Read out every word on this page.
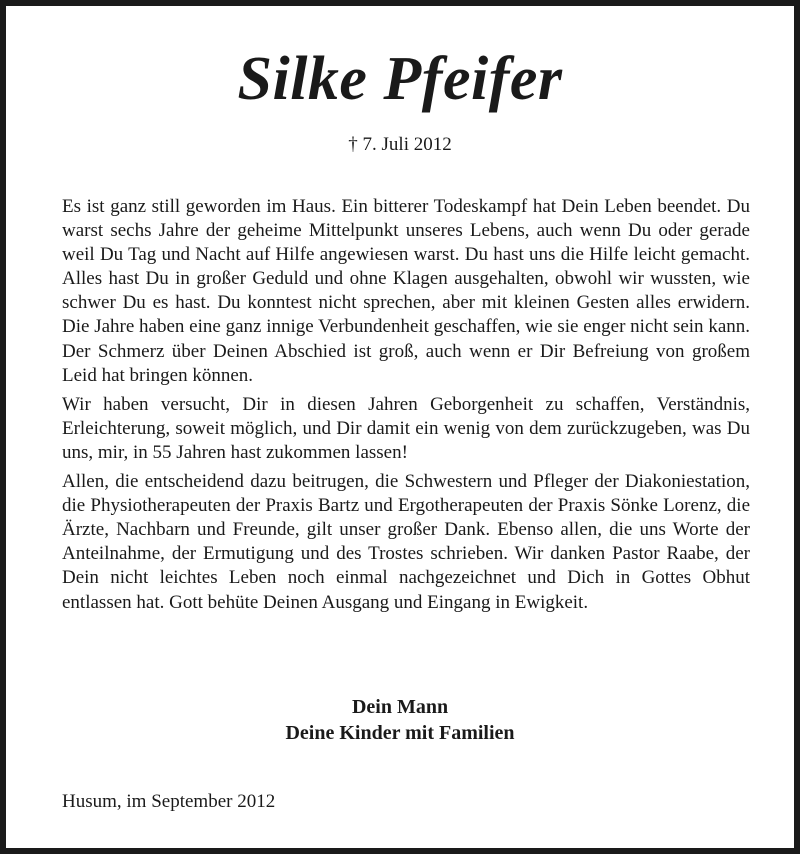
Silke Pfeifer
† 7. Juli 2012

Es ist ganz still geworden im Haus. Ein bitterer Todeskampf hat Dein Leben beendet. Du warst sechs Jahre der geheime Mittelpunkt unseres Lebens, auch wenn Du oder gerade weil Du Tag und Nacht auf Hilfe angewiesen warst. Du hast uns die Hilfe leicht gemacht. Alles hast Du in großer Geduld und ohne Klagen ausgehalten, obwohl wir wussten, wie schwer Du es hast. Du konntest nicht sprechen, aber mit kleinen Gesten alles erwidern. Die Jahre haben eine ganz innige Verbundenheit geschaffen, wie sie enger nicht sein kann. Der Schmerz über Deinen Abschied ist groß, auch wenn er Dir Befreiung von großem Leid hat bringen können.

Wir haben versucht, Dir in diesen Jahren Geborgenheit zu schaffen, Verständnis, Erleichterung, soweit möglich, und Dir damit ein wenig von dem zurückzugeben, was Du uns, mir, in 55 Jahren hast zukommen lassen!

Allen, die entscheidend dazu beitrugen, die Schwestern und Pfleger der Diakoniestation, die Physiotherapeuten der Praxis Bartz und Ergotherapeuten der Praxis Sönke Lorenz, die Ärzte, Nachbarn und Freunde, gilt unser großer Dank. Ebenso allen, die uns Worte der Anteilnahme, der Ermutigung und des Trostes schrieben. Wir danken Pastor Raabe, der Dein nicht leichtes Leben noch einmal nachgezeichnet und Dich in Gottes Obhut entlassen hat. Gott behüte Deinen Ausgang und Eingang in Ewigkeit.

Dein Mann
Deine Kinder mit Familien
Husum, im September 2012
